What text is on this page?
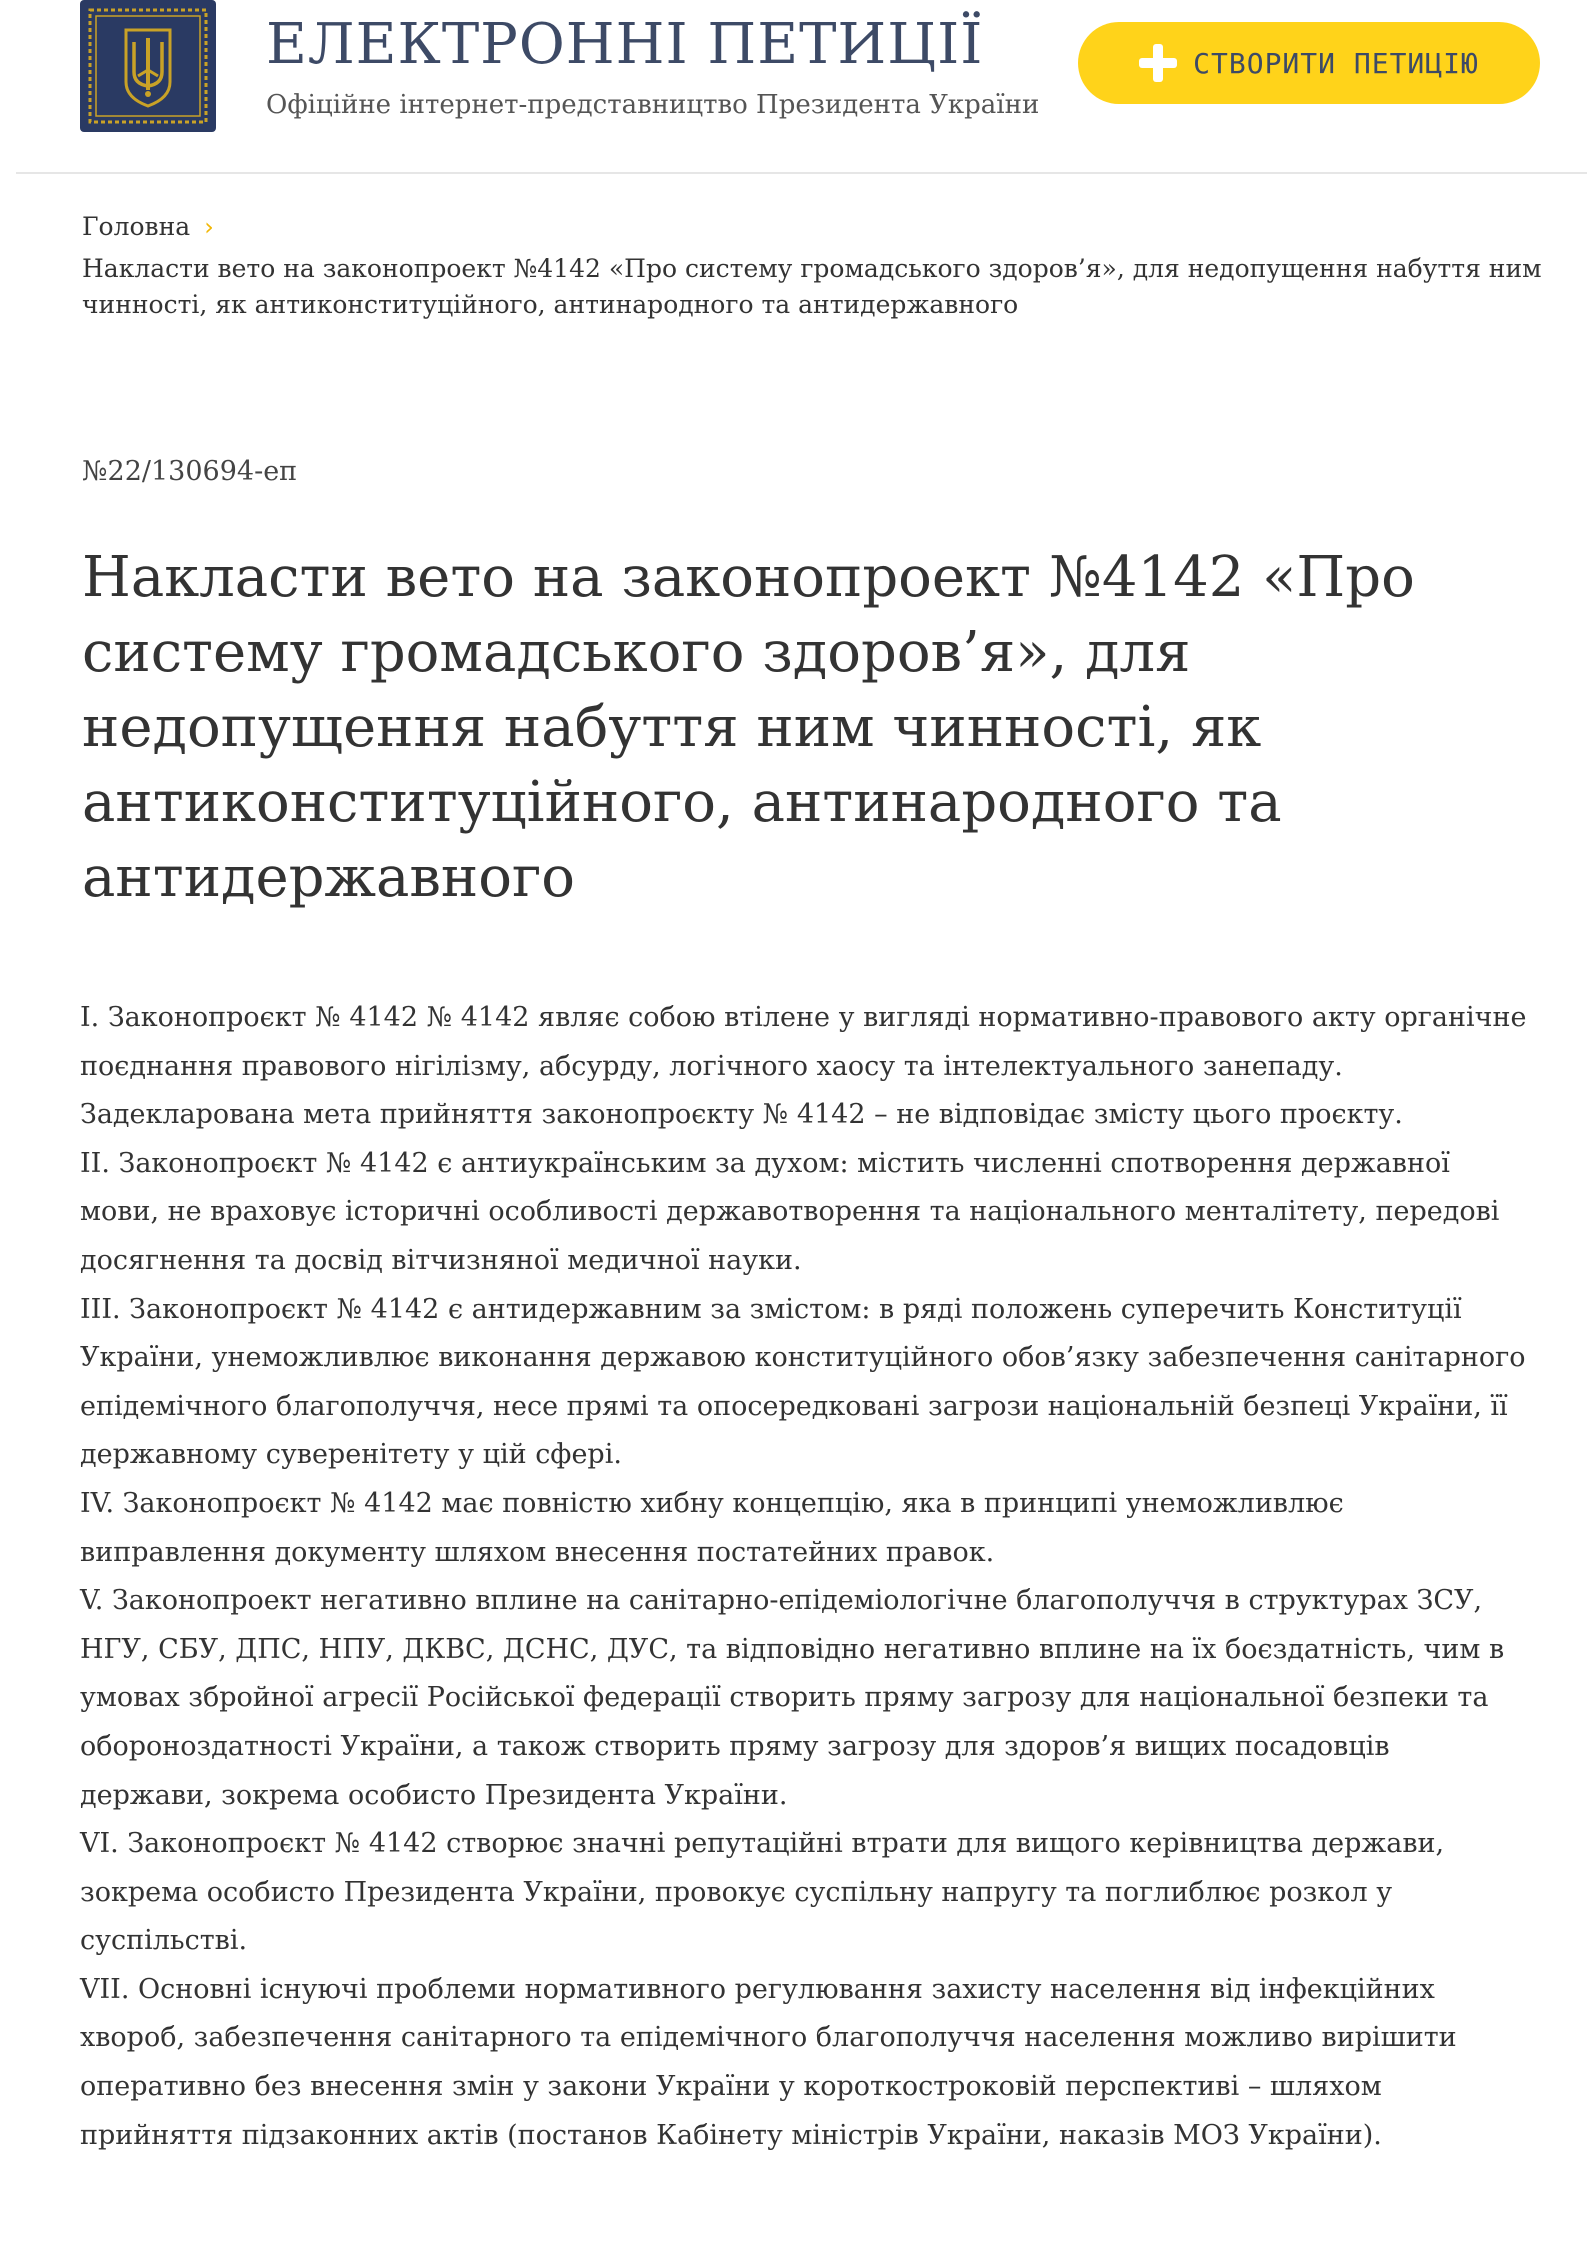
ЕЛЕКТРОННІ ПЕТИЦІЇ
Офіційне інтернет-представництво Президента України
СТВОРИТИ ПЕТИЦІЮ
Головна ›
Накласти вето на законопроект №4142 «Про систему громадського здоров’я», для недопущення набуття ним чинності, як антиконституційного, антинародного та антидержавного
№22/130694-еп
Накласти вето на законопроект №4142 «Про систему громадського здоров’я», для недопущення набуття ним чинності, як антиконституційного, антинародного та антидержавного

I. Законопроєкт № 4142 № 4142 являє собою втілене у вигляді нормативно-правового акту органічне поєднання правового нігілізму, абсурду, логічного хаосу та інтелектуального занепаду.

Задекларована мета прийняття законопроєкту № 4142 – не відповідає змісту цього проєкту.

II. Законопроєкт № 4142 є антиукраїнським за духом: містить численні спотворення державної мови, не враховує історичні особливості державотворення та національного менталітету, передові досягнення та досвід вітчизняної медичної науки.

III. Законопроєкт № 4142 є антидержавним за змістом: в ряді положень суперечить Конституції України, унеможливлює виконання державою конституційного обов’язку забезпечення санітарного епідемічного благополуччя, несе прямі та опосередковані загрози національній безпеці України, її державному суверенітету у цій сфері.

IV. Законопроєкт № 4142 має повністю хибну концепцію, яка в принципі унеможливлює виправлення документу шляхом внесення постатейних правок.

V. Законопроект негативно вплине на санітарно-епідеміологічне благополуччя в структурах ЗСУ, НГУ, СБУ, ДПС, НПУ, ДКВС, ДСНС, ДУС, та відповідно негативно вплине на їх боєздатність, чим в умовах збройної агресії Російської федерації створить пряму загрозу для національної безпеки та обороноздатності України, а також створить пряму загрозу для здоров’я вищих посадовців держави, зокрема особисто Президента України.

VI. Законопроєкт № 4142 створює значні репутаційні втрати для вищого керівництва держави, зокрема особисто Президента України, провокує суспільну напругу та поглиблює розкол у суспільстві.

VII. Основні існуючі проблеми нормативного регулювання захисту населення від інфекційних хвороб, забезпечення санітарного та епідемічного благополуччя населення можливо вирішити оперативно без внесення змін у закони України у короткостроковій перспективі – шляхом прийняття підзаконних актів (постанов Кабінету міністрів України, наказів МОЗ України).
